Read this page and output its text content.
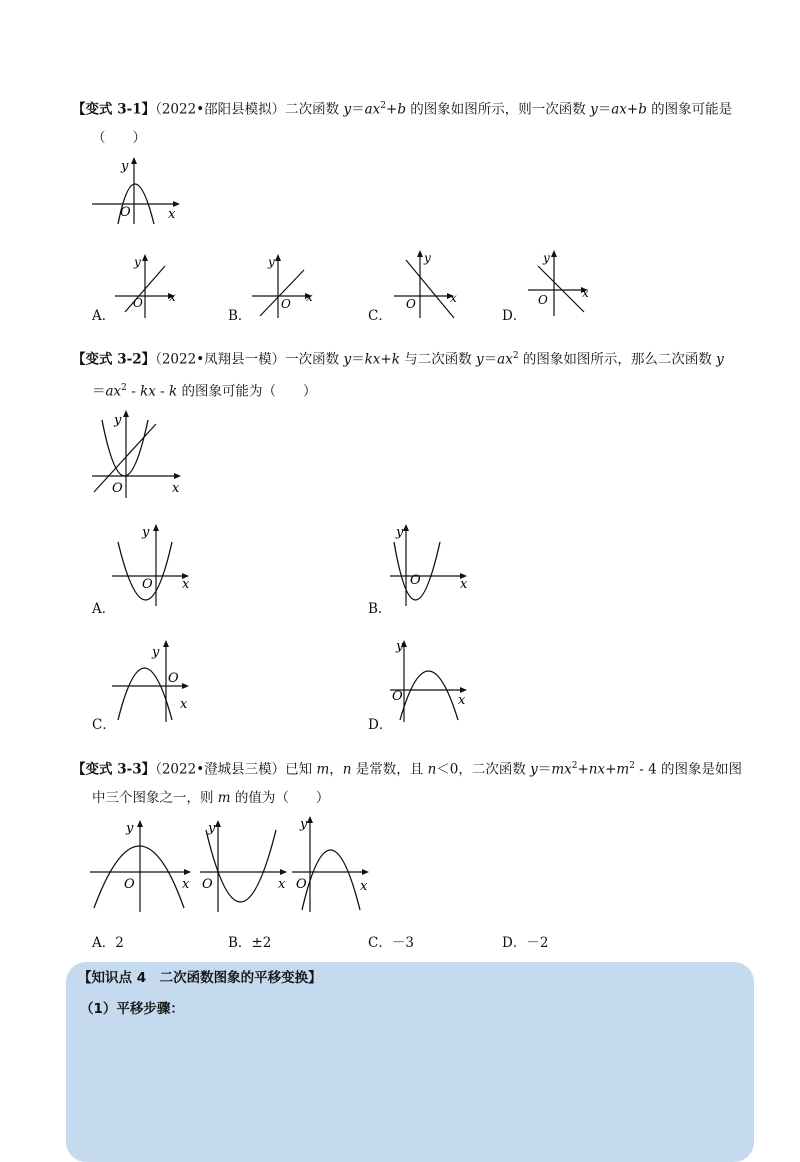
【变式 3-1】（2022•邵阳县模拟）二次函数 $y=ax^2+b$ 的图象如图所示，则一次函数 y＝ax+b 的图象可能是
（　　）
y
O	x
y
O x
y
O x
y
O	x
y
O	x
A．	B．	C．	D．
【变式 3-2】（2022•凤翔县一模）一次函数 y＝kx+k 与二次函数 $y=ax^2$ 的图象如图所示，那么二次函数 y
$=ax^2$ - kx - k 的图象可能为（　　）
y
O	x
y
O x
y
O	x
A．	B．
y
O
x
y
O	x
C．	D．
【变式 3-3】（2022•澄城县三模）已知 m，n 是常数，且 n＜0，二次函数 $y=mx^2+nx+m^2 - 4$ 的图象是如图
中三个图象之一，则 m 的值为（　　）
y
O	x
y
O	x
y
O	x
A．2	B．±2	C．－3	D．－2
【知识点 4　二次函数图象的平移变换】
（1）平移步骤：
